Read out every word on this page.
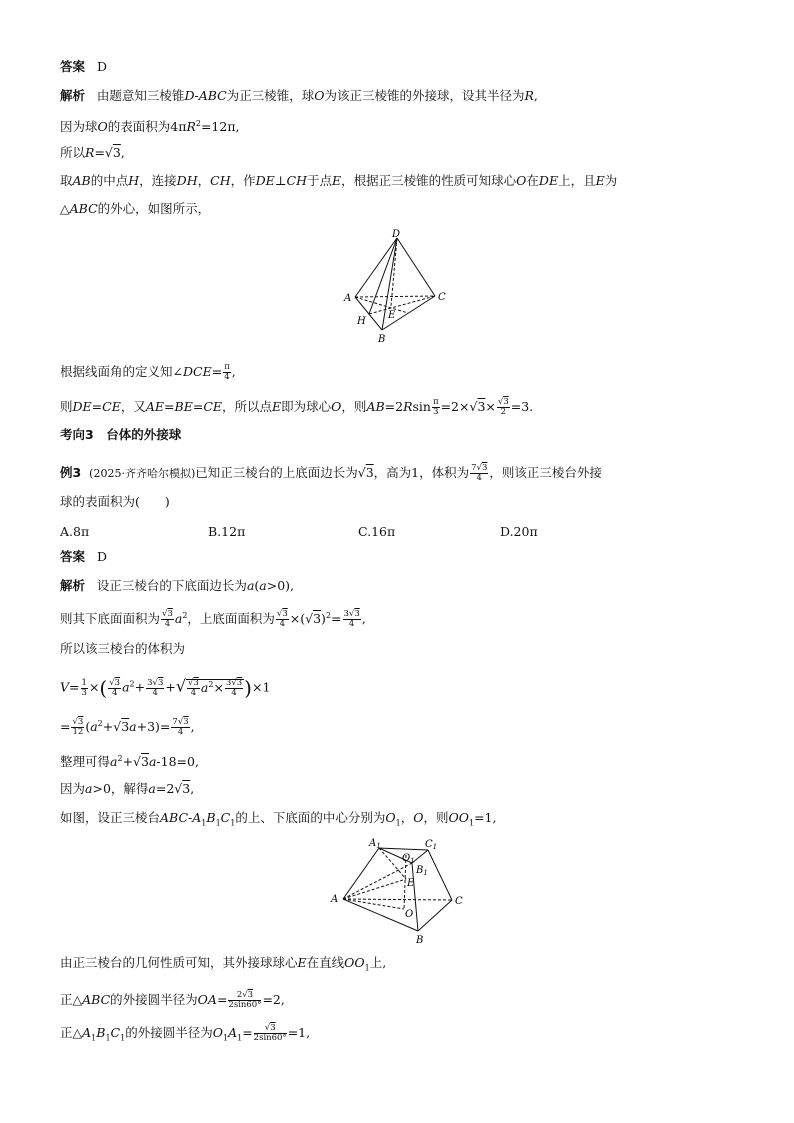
答案 D
解析   由题意知三棱锥D-ABC为正三棱锥，球O为该正三棱锥的外接球，设其半径为R,
因为球O的表面积为$4\pi R^2=12\pi$,
所以R=√3,
取AB的中点H，连接DH，CH，作DE⊥CH于点E，根据正三棱锥的性质可知球心O在DE上，且E为
△ABC的外心，如图所示，
D
A	C
H
E
B
根据线面角的定义知∠DCE= $\frac{\pi}{4}$ ,
则DE=CE，又AE=BE=CE，所以点E即为球心O，则$AB=2Rsin \frac{\pi}{3} =2\times√3\times \frac{√3}{2} =3$.
考向3　台体的外接球
例3 (2025·齐齐哈尔模拟)已知正三棱台的上底面边长为√3，高为1，体积为 $\frac{7√3}{4}$ ，则该正三棱台外接
球的表面积为(　　)
A.8π	B.12π	C.16π	D.20π
答案 D
解析   设正三棱台的下底面边长为a(a>0),
则其下底面面积为 $\frac{√3}{4} a^2$，上底面面积为 $\frac{√3}{4} \times(√3)^2= \frac{3√3}{4}$ ,
所以该三棱台的体积为
$V= \frac{1}{3}$ ×( $\frac{√3}{4} a^2+ \frac{3√3}{4}$ +√ $\frac{√3}{4} a^2\times \frac{3√3}{4} )\times 1$
= $\frac{√3}{12} (a^2+√3a+3)= \frac{7√3}{4}$ ,
整理可得$a^2+√3a-18=0$,
因为a>0，解得a=2√3,
如图，设正三棱台ABC-$A_1B_1C_1$的上、下底面的中心分别为$O_1$，O，则$OO_1=1$,
$A_1$	$C_1$
$O_1$
$B_1$
E
A
O
C
B
由正三棱台的几何性质可知，其外接球球心E在直线$OO_1$上,
正△ABC的外接圆半径为$OA= \frac{2√3}{2\sin 60^\circ} =2$,
正$\triangle A_1B_1C_1$的外接圆半径为$O_1A_1= \frac{√3}{2\sin 60^\circ} =1$,
